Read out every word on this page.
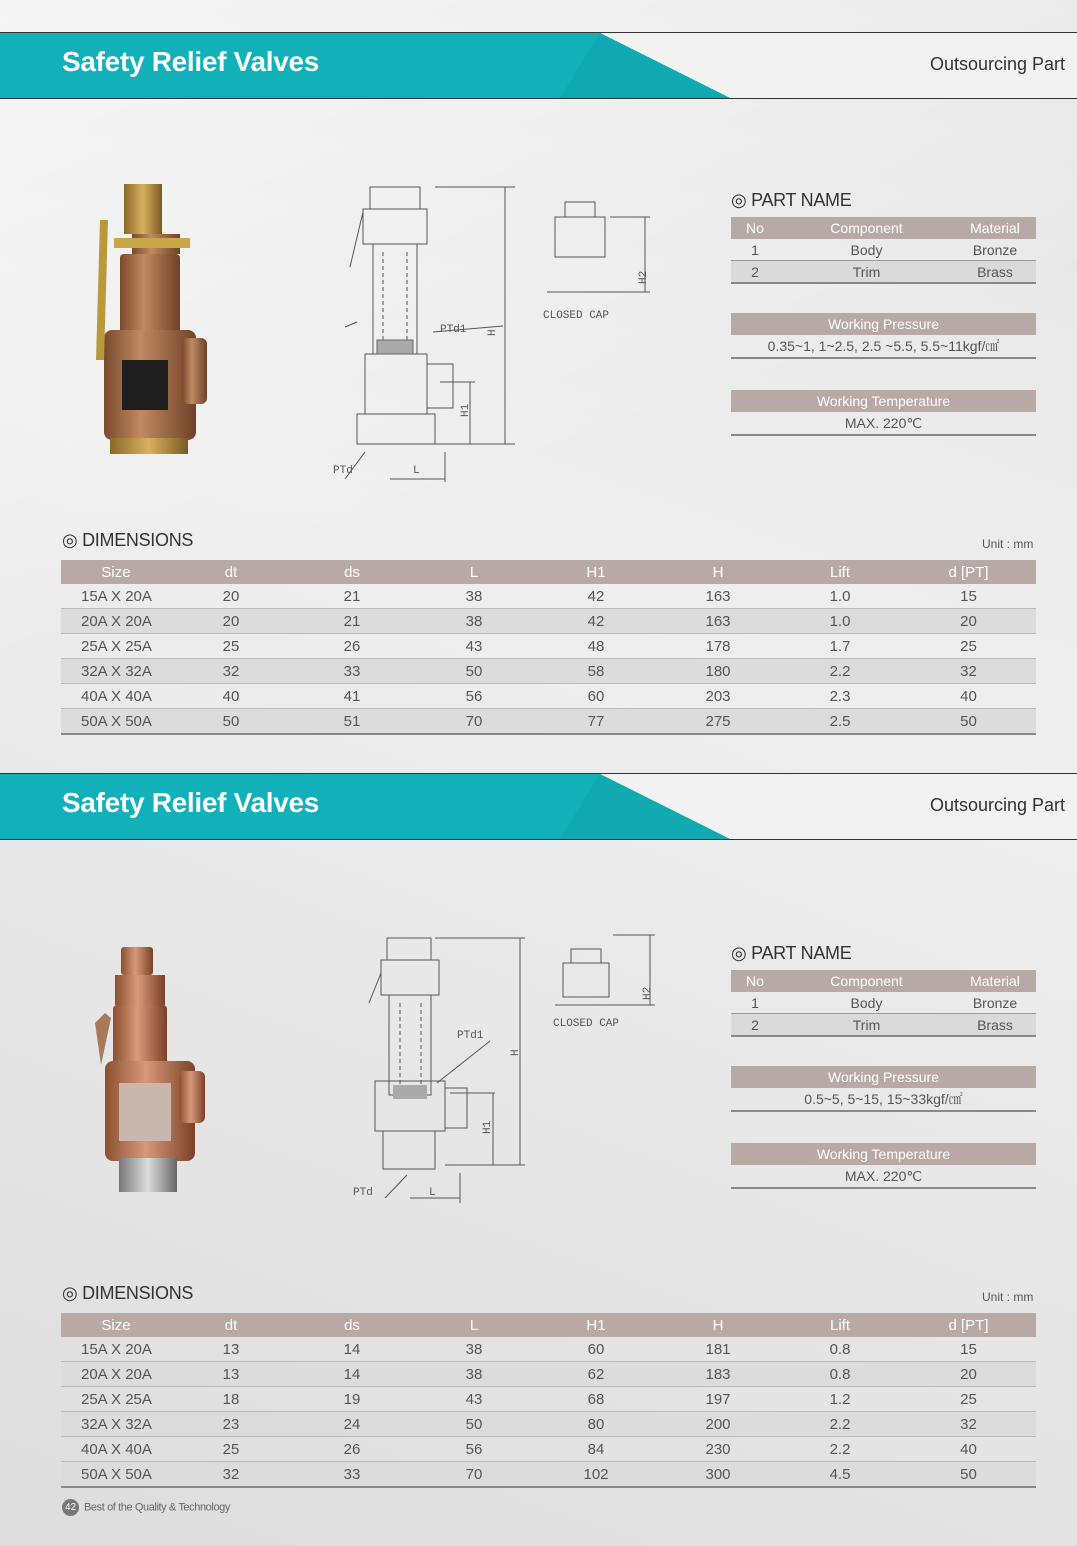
Safety Relief Valves	Outsourcing Part
PTd1 H
H1
PTd	L
H2
CLOSED CAP
◎ PART NAME
No	Component	Material
1	Body	Bronze
2	Trim	Brass
Working Pressure
0.35~1, 1~2.5, 2.5 ~5.5, 5.5~11kgf/㎠
Working Temperature
MAX. 220℃
◎ DIMENSIONS	Unit : mm
Size	dt	ds	L	H1	H	Lift	d [PT]
15A X 20A	20	21	38	42	163	1.0	15
20A X 20A	20	21	38	42	163	1.0	20
25A X 25A	25	26	43	48	178	1.7	25
32A X 32A	32	33	50	58	180	2.2	32
40A X 40A	40	41	56	60	203	2.3	40
50A X 50A	50	51	70	77	275	2.5	50
Safety Relief Valves	Outsourcing Part
PTd1
H
H1
PTd	L
H2
CLOSED CAP
◎ PART NAME
No	Component	Material
1	Body	Bronze
2	Trim	Brass
Working Pressure
0.5~5, 5~15, 15~33kgf/㎠
Working Temperature
MAX. 220℃
◎ DIMENSIONS	Unit : mm
Size	dt	ds	L	H1	H	Lift	d [PT]
15A X 20A	13	14	38	60	181	0.8	15
20A X 20A	13	14	38	62	183	0.8	20
25A X 25A	18	19	43	68	197	1.2	25
32A X 32A	23	24	50	80	200	2.2	32
40A X 40A	25	26	56	84	230	2.2	40
50A X 50A	32	33	70	102	300	4.5	50
42 Best of the Quality & Technology
